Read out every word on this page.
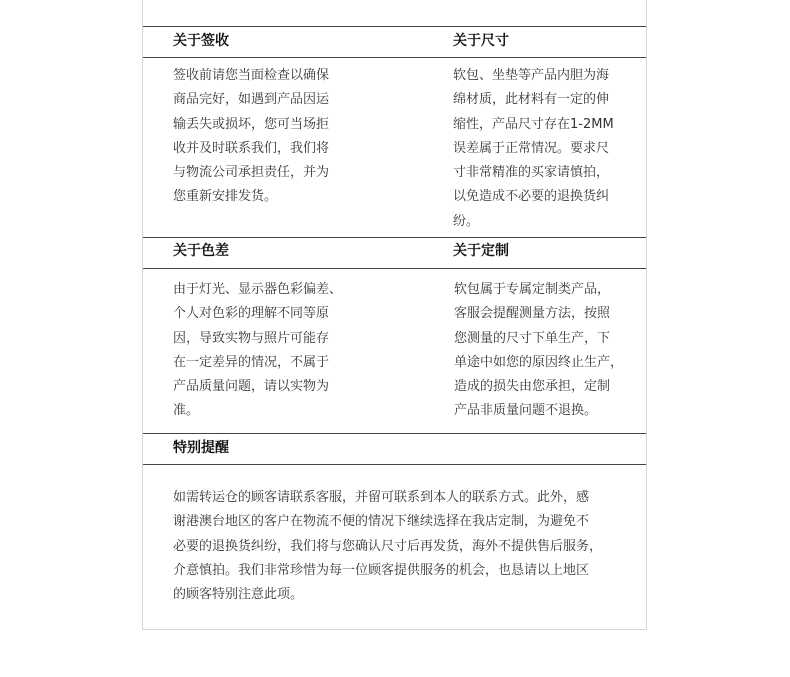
关于签收	关于尺寸
签收前请您当面检查以确保
商品完好，如遇到产品因运
输丢失或损坏，您可当场拒
收并及时联系我们，我们将
与物流公司承担责任，并为
您重新安排发货。
软包、坐垫等产品内胆为海
绵材质，此材料有一定的伸
缩性，产品尺寸存在1-2MM
误差属于正常情况。要求尺
寸非常精准的买家请慎拍，
以免造成不必要的退换货纠
纷。
关于色差	关于定制
由于灯光、显示器色彩偏差、
个人对色彩的理解不同等原
因，导致实物与照片可能存
在一定差异的情况，不属于
产品质量问题，请以实物为
准。
软包属于专属定制类产品，
客服会提醒测量方法，按照
您测量的尺寸下单生产，下
单途中如您的原因终止生产，
造成的损失由您承担，定制
产品非质量问题不退换。
特别提醒
如需转运仓的顾客请联系客服，并留可联系到本人的联系方式。此外，感
谢港澳台地区的客户在物流不便的情况下继续选择在我店定制，为避免不
必要的退换货纠纷，我们将与您确认尺寸后再发货，海外不提供售后服务，
介意慎拍。我们非常珍惜为每一位顾客提供服务的机会，也恳请以上地区
的顾客特别注意此项。
